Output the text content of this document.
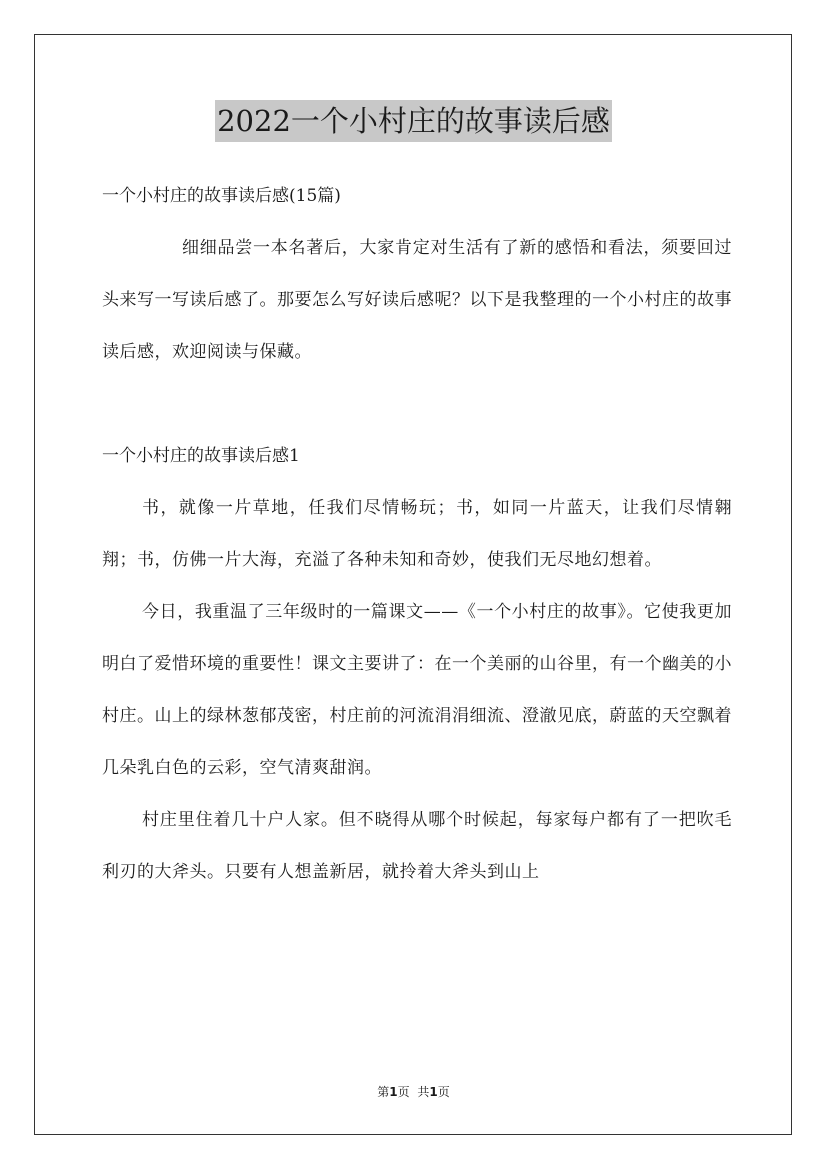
2022一个小村庄的故事读后感

一个小村庄的故事读后感(15篇)

细细品尝一本名著后，大家肯定对生活有了新的感悟和看法，须要回过头来写一写读后感了。那要怎么写好读后感呢？以下是我整理的一个小村庄的故事读后感，欢迎阅读与保藏。

一个小村庄的故事读后感1

书，就像一片草地，任我们尽情畅玩；书，如同一片蓝天，让我们尽情翱翔；书，仿佛一片大海，充溢了各种未知和奇妙，使我们无尽地幻想着。

今日，我重温了三年级时的一篇课文——《一个小村庄的故事》。它使我更加明白了爱惜环境的重要性！课文主要讲了：在一个美丽的山谷里，有一个幽美的小村庄。山上的绿林葱郁茂密，村庄前的河流涓涓细流、澄澈见底，蔚蓝的天空飘着几朵乳白色的云彩，空气清爽甜润。

村庄里住着几十户人家。但不晓得从哪个时候起，每家每户都有了一把吹毛利刃的大斧头。只要有人想盖新居，就拎着大斧头到山上

第1页 共1页
